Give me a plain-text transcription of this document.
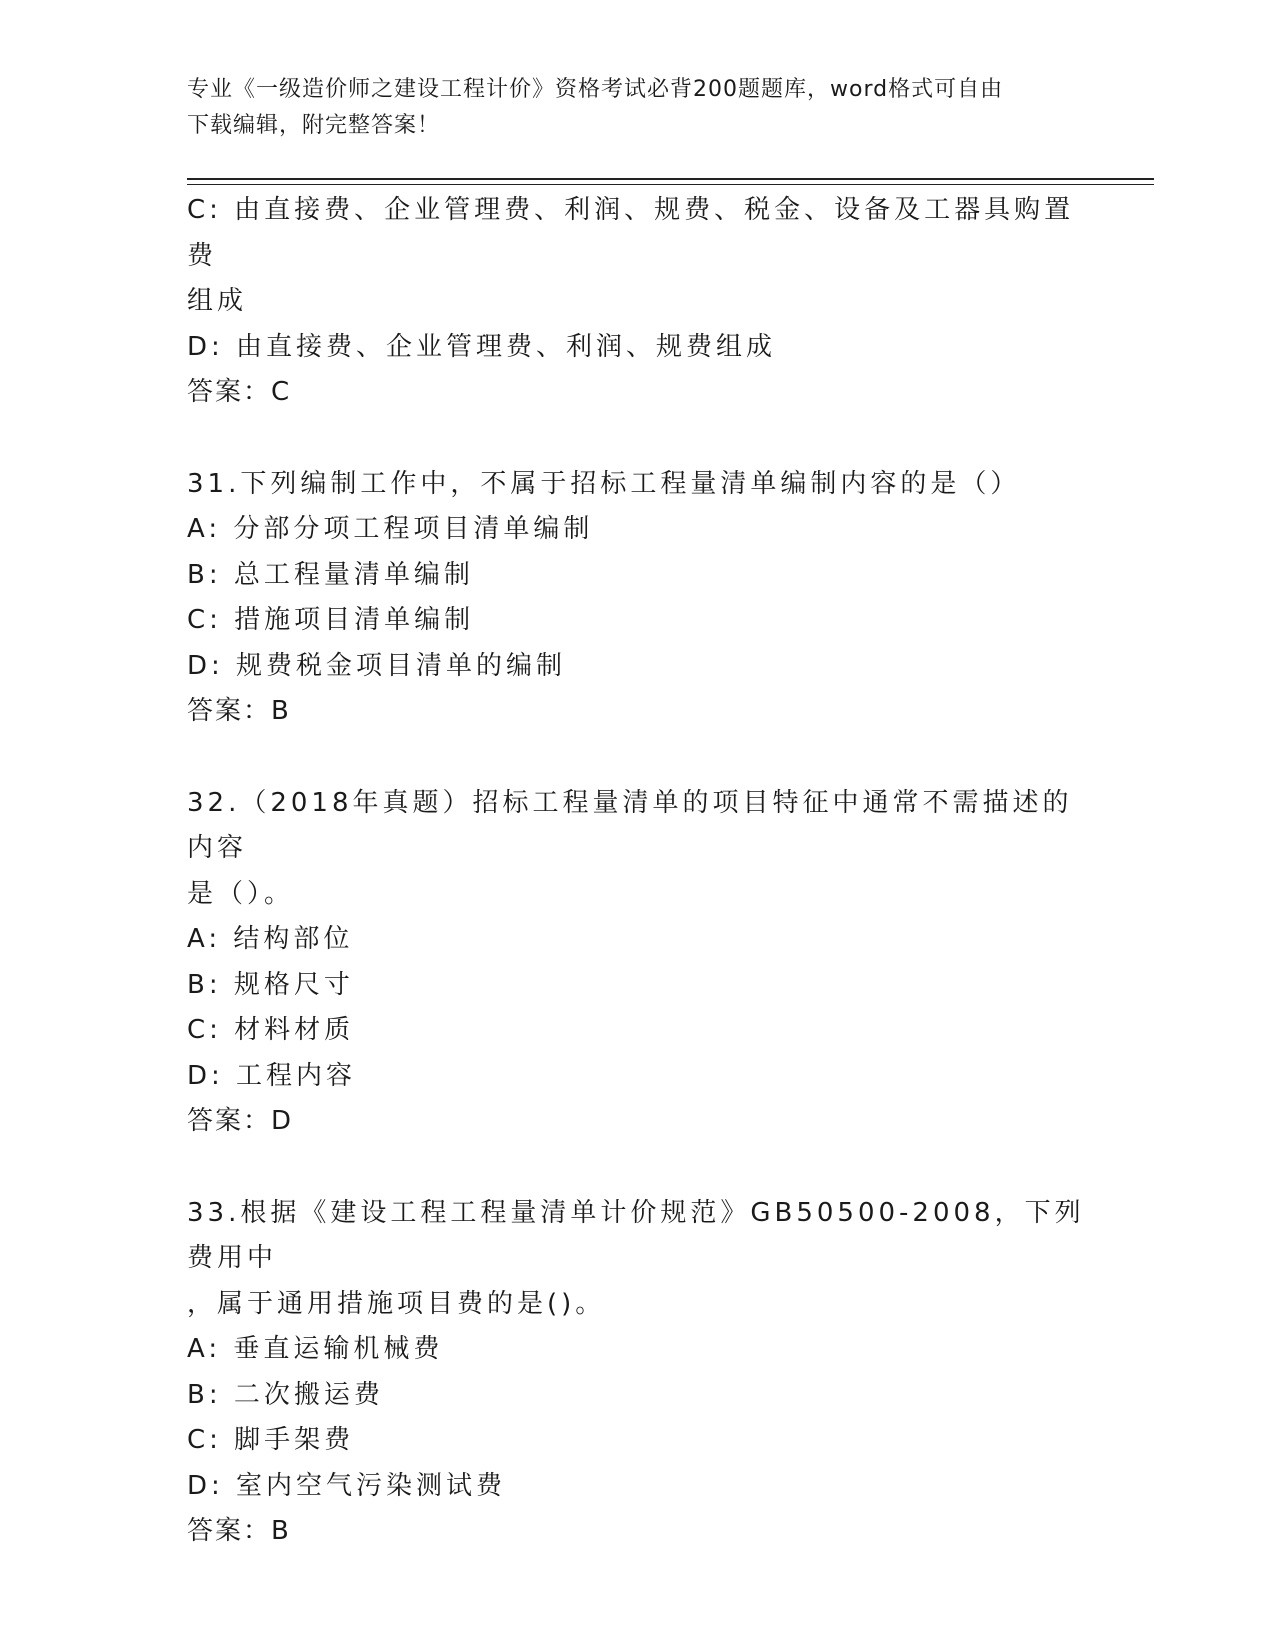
专业《一级造价师之建设工程计价》资格考试必背200题题库，word格式可自由
下载编辑，附完整答案！
C: 由直接费、企业管理费、利润、规费、税金、设备及工器具购置费
组成
D: 由直接费、企业管理费、利润、规费组成
答案：C
31.下列编制工作中，不属于招标工程量清单编制内容的是（）
A: 分部分项工程项目清单编制
B: 总工程量清单编制
C: 措施项目清单编制
D: 规费税金项目清单的编制
答案：B
32.（2018年真题）招标工程量清单的项目特征中通常不需描述的内容
是（）。
A: 结构部位
B: 规格尺寸
C: 材料材质
D: 工程内容
答案：D
33.根据《建设工程工程量清单计价规范》GB50500-2008，下列费用中
，属于通用措施项目费的是()。
A: 垂直运输机械费
B: 二次搬运费
C: 脚手架费
D: 室内空气污染测试费
答案：B
